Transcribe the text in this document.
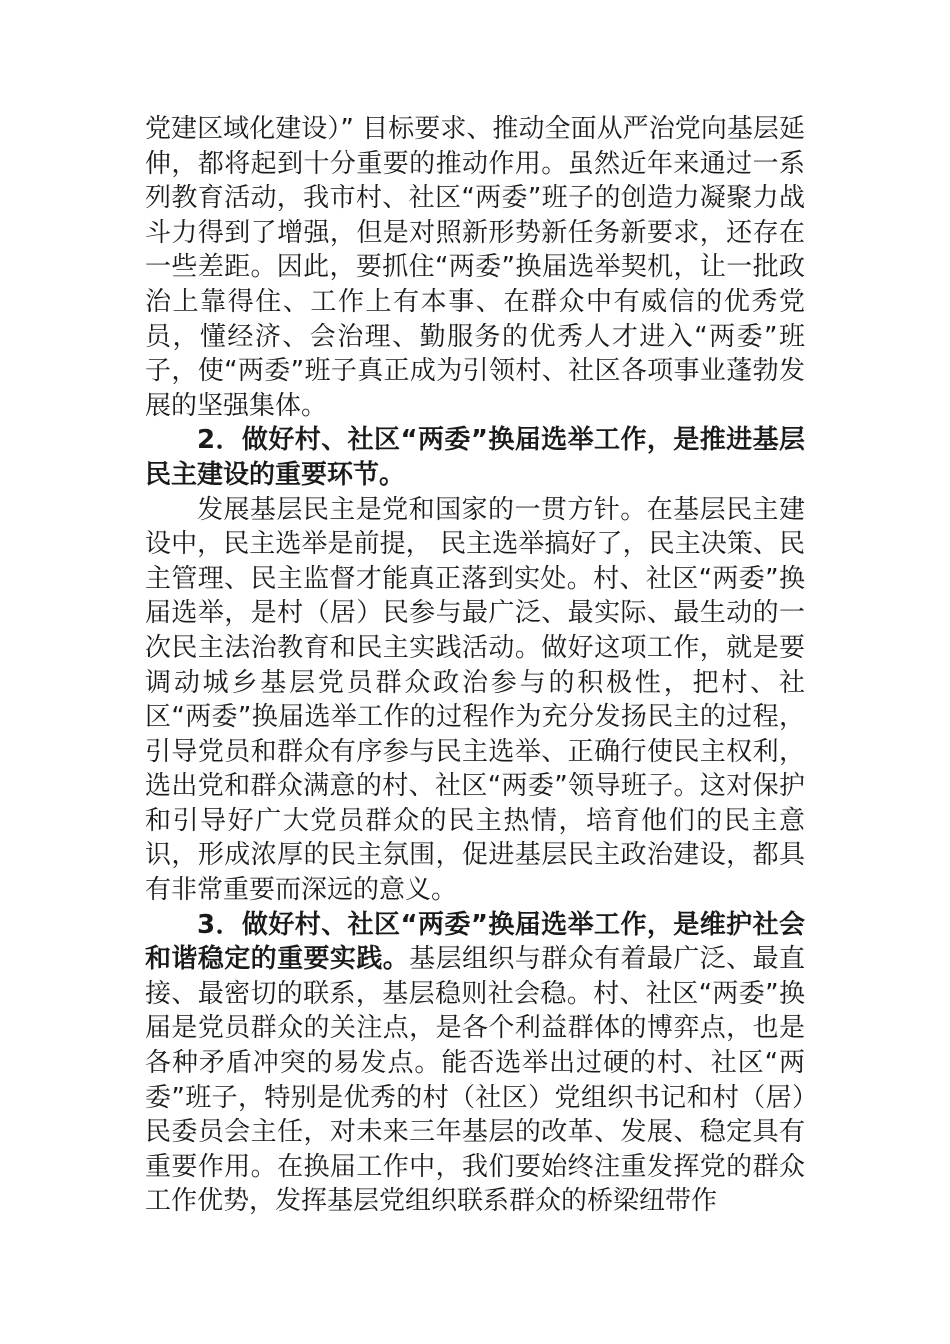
党建区域化建设）” 目标要求、推动全面从严治党向基层延伸，都将起到十分重要的推动作用。虽然近年来通过一系列教育活动，我市村、社区“两委”班子的创造力凝聚力战斗力得到了增强，但是对照新形势新任务新要求，还存在一些差距。因此，要抓住“两委”换届选举契机，让一批政治上靠得住、工作上有本事、在群众中有威信的优秀党员，懂经济、会治理、勤服务的优秀人才进入“两委”班子，使“两委”班子真正成为引领村、社区各项事业蓬勃发展的坚强集体。

2．做好村、社区“两委”换届选举工作，是推进基层民主建设的重要环节。

发展基层民主是党和国家的一贯方针。在基层民主建设中，民主选举是前提， 民主选举搞好了，民主决策、民主管理、民主监督才能真正落到实处。村、社区“两委”换届选举，是村（居）民参与最广泛、最实际、最生动的一次民主法治教育和民主实践活动。做好这项工作，就是要调动城乡基层党员群众政治参与的积极性，把村、社区“两委”换届选举工作的过程作为充分发扬民主的过程，引导党员和群众有序参与民主选举、正确行使民主权利，选出党和群众满意的村、社区“两委”领导班子。这对保护和引导好广大党员群众的民主热情，培育他们的民主意识，形成浓厚的民主氛围，促进基层民主政治建设，都具有非常重要而深远的意义。

3．做好村、社区“两委”换届选举工作，是维护社会和谐稳定的重要实践。基层组织与群众有着最广泛、最直接、最密切的联系，基层稳则社会稳。村、社区“两委”换届是党员群众的关注点，是各个利益群体的博弈点，也是各种矛盾冲突的易发点。能否选举出过硬的村、社区“两委”班子，特别是优秀的村（社区）党组织书记和村（居）民委员会主任，对未来三年基层的改革、发展、稳定具有重要作用。在换届工作中，我们要始终注重发挥党的群众工作优势，发挥基层党组织联系群众的桥梁纽带作
